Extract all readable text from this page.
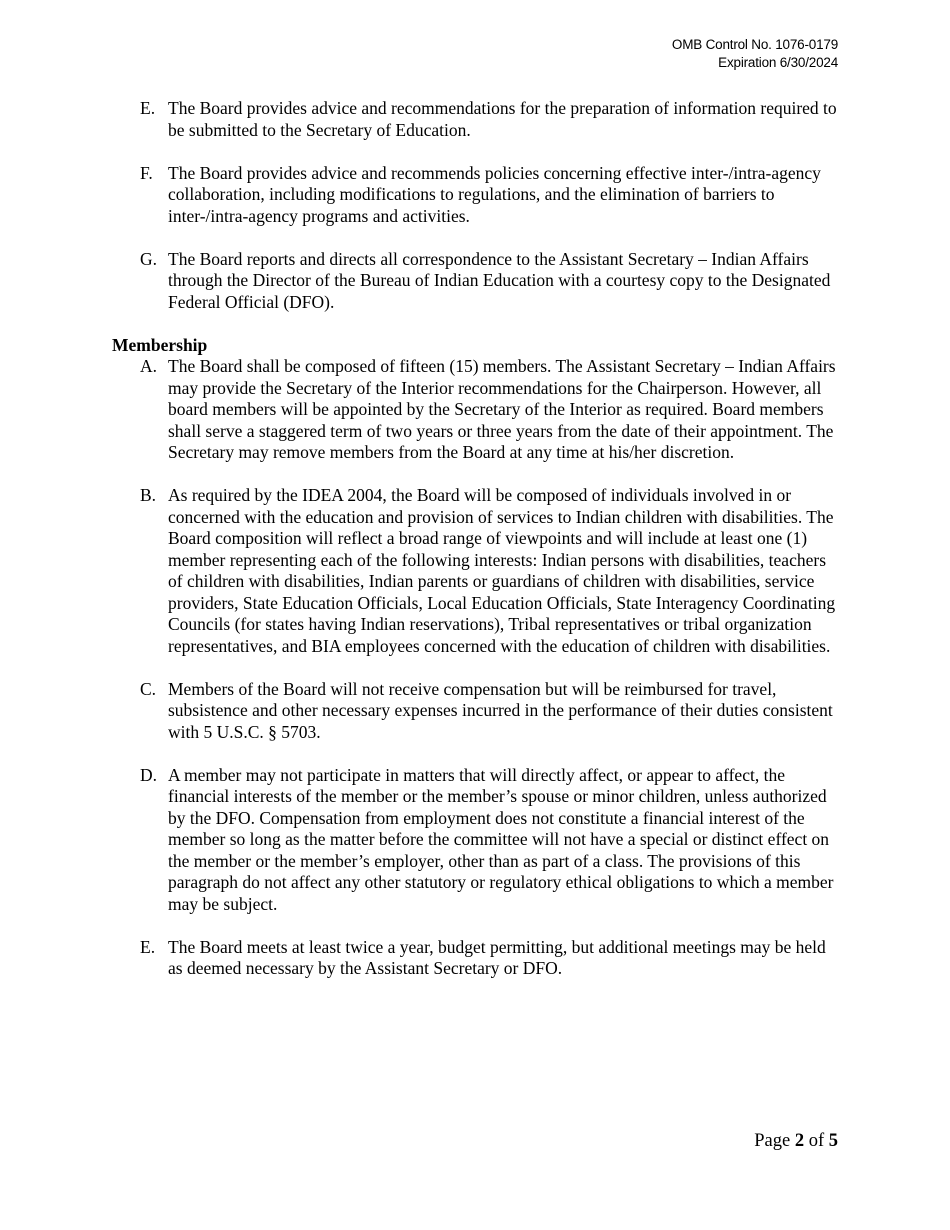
OMB Control No. 1076-0179
Expiration 6/30/2024
E. The Board provides advice and recommendations for the preparation of information required to be submitted to the Secretary of Education.
F. The Board provides advice and recommends policies concerning effective inter-/intra-agency collaboration, including modifications to regulations, and the elimination of barriers to inter-/intra-agency programs and activities.
G. The Board reports and directs all correspondence to the Assistant Secretary – Indian Affairs through the Director of the Bureau of Indian Education with a courtesy copy to the Designated Federal Official (DFO).
Membership
A. The Board shall be composed of fifteen (15) members. The Assistant Secretary – Indian Affairs may provide the Secretary of the Interior recommendations for the Chairperson. However, all board members will be appointed by the Secretary of the Interior as required. Board members shall serve a staggered term of two years or three years from the date of their appointment. The Secretary may remove members from the Board at any time at his/her discretion.
B. As required by the IDEA 2004, the Board will be composed of individuals involved in or concerned with the education and provision of services to Indian children with disabilities. The Board composition will reflect a broad range of viewpoints and will include at least one (1) member representing each of the following interests: Indian persons with disabilities, teachers of children with disabilities, Indian parents or guardians of children with disabilities, service providers, State Education Officials, Local Education Officials, State Interagency Coordinating Councils (for states having Indian reservations), Tribal representatives or tribal organization representatives, and BIA employees concerned with the education of children with disabilities.
C. Members of the Board will not receive compensation but will be reimbursed for travel, subsistence and other necessary expenses incurred in the performance of their duties consistent with 5 U.S.C. § 5703.
D. A member may not participate in matters that will directly affect, or appear to affect, the financial interests of the member or the member’s spouse or minor children, unless authorized by the DFO. Compensation from employment does not constitute a financial interest of the member so long as the matter before the committee will not have a special or distinct effect on the member or the member’s employer, other than as part of a class. The provisions of this paragraph do not affect any other statutory or regulatory ethical obligations to which a member may be subject.
E. The Board meets at least twice a year, budget permitting, but additional meetings may be held as deemed necessary by the Assistant Secretary or DFO.
Page 2 of 5
